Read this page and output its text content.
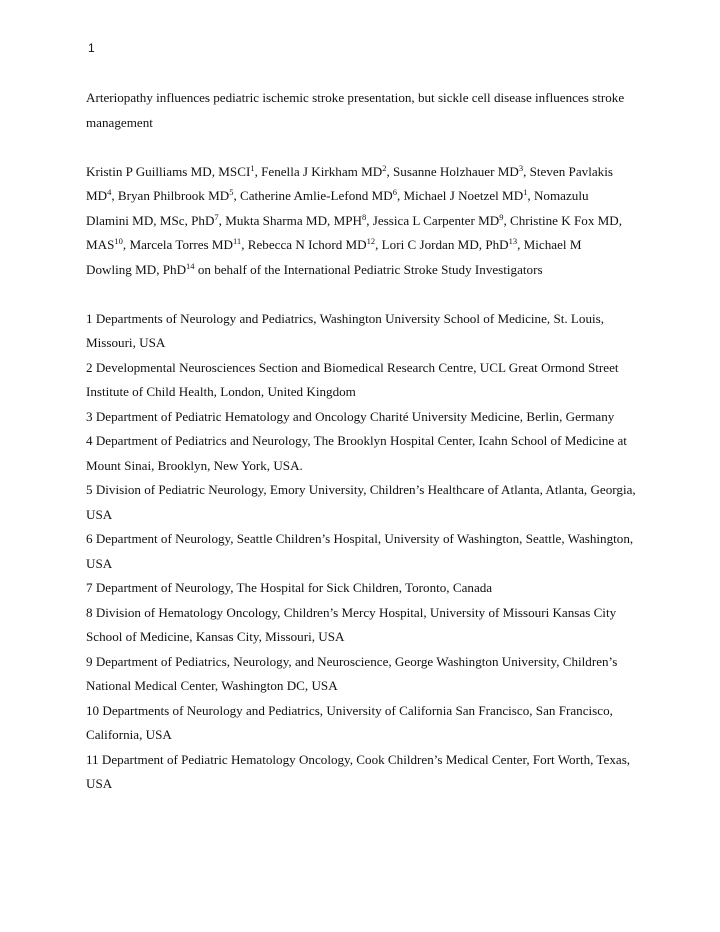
1
Arteriopathy influences pediatric ischemic stroke presentation, but sickle cell disease influences stroke management

Kristin P Guilliams MD, MSCI$^1$, Fenella J Kirkham $MD^2$, Susanne Holzhauer $MD^3$, Steven Pavlakis $MD^4$, Bryan Philbrook $MD^5$, Catherine Amlie-Lefond $MD^6$, Michael J Noetzel $MD^1$, Nomazulu Dlamini MD, MSc, PhD$^7$, Mukta Sharma MD, MPH$^8$, Jessica L Carpenter $MD^9$, Christine K Fox MD, MAS$^{10}$, Marcela Torres MD$^{11}$, Rebecca N Ichord MD$^{12}$, Lori C Jordan MD, PhD$^{13}$, Michael M Dowling MD, PhD$^{14}$ on behalf of the International Pediatric Stroke Study Investigators

1 Departments of Neurology and Pediatrics, Washington University School of Medicine, St. Louis, Missouri, USA
2 Developmental Neurosciences Section and Biomedical Research Centre, UCL Great Ormond Street Institute of Child Health, London, United Kingdom
3 Department of Pediatric Hematology and Oncology Charité University Medicine, Berlin, Germany
4 Department of Pediatrics and Neurology, The Brooklyn Hospital Center, Icahn School of Medicine at Mount Sinai, Brooklyn, New York, USA.
5 Division of Pediatric Neurology, Emory University, Children’s Healthcare of Atlanta, Atlanta, Georgia, USA
6 Department of Neurology, Seattle Children’s Hospital, University of Washington, Seattle, Washington, USA
7 Department of Neurology, The Hospital for Sick Children, Toronto, Canada
8 Division of Hematology Oncology, Children’s Mercy Hospital, University of Missouri Kansas City School of Medicine, Kansas City, Missouri, USA
9 Department of Pediatrics, Neurology, and Neuroscience, George Washington University, Children’s National Medical Center, Washington DC, USA
10 Departments of Neurology and Pediatrics, University of California San Francisco, San Francisco, California, USA
11 Department of Pediatric Hematology Oncology, Cook Children’s Medical Center, Fort Worth, Texas, USA
